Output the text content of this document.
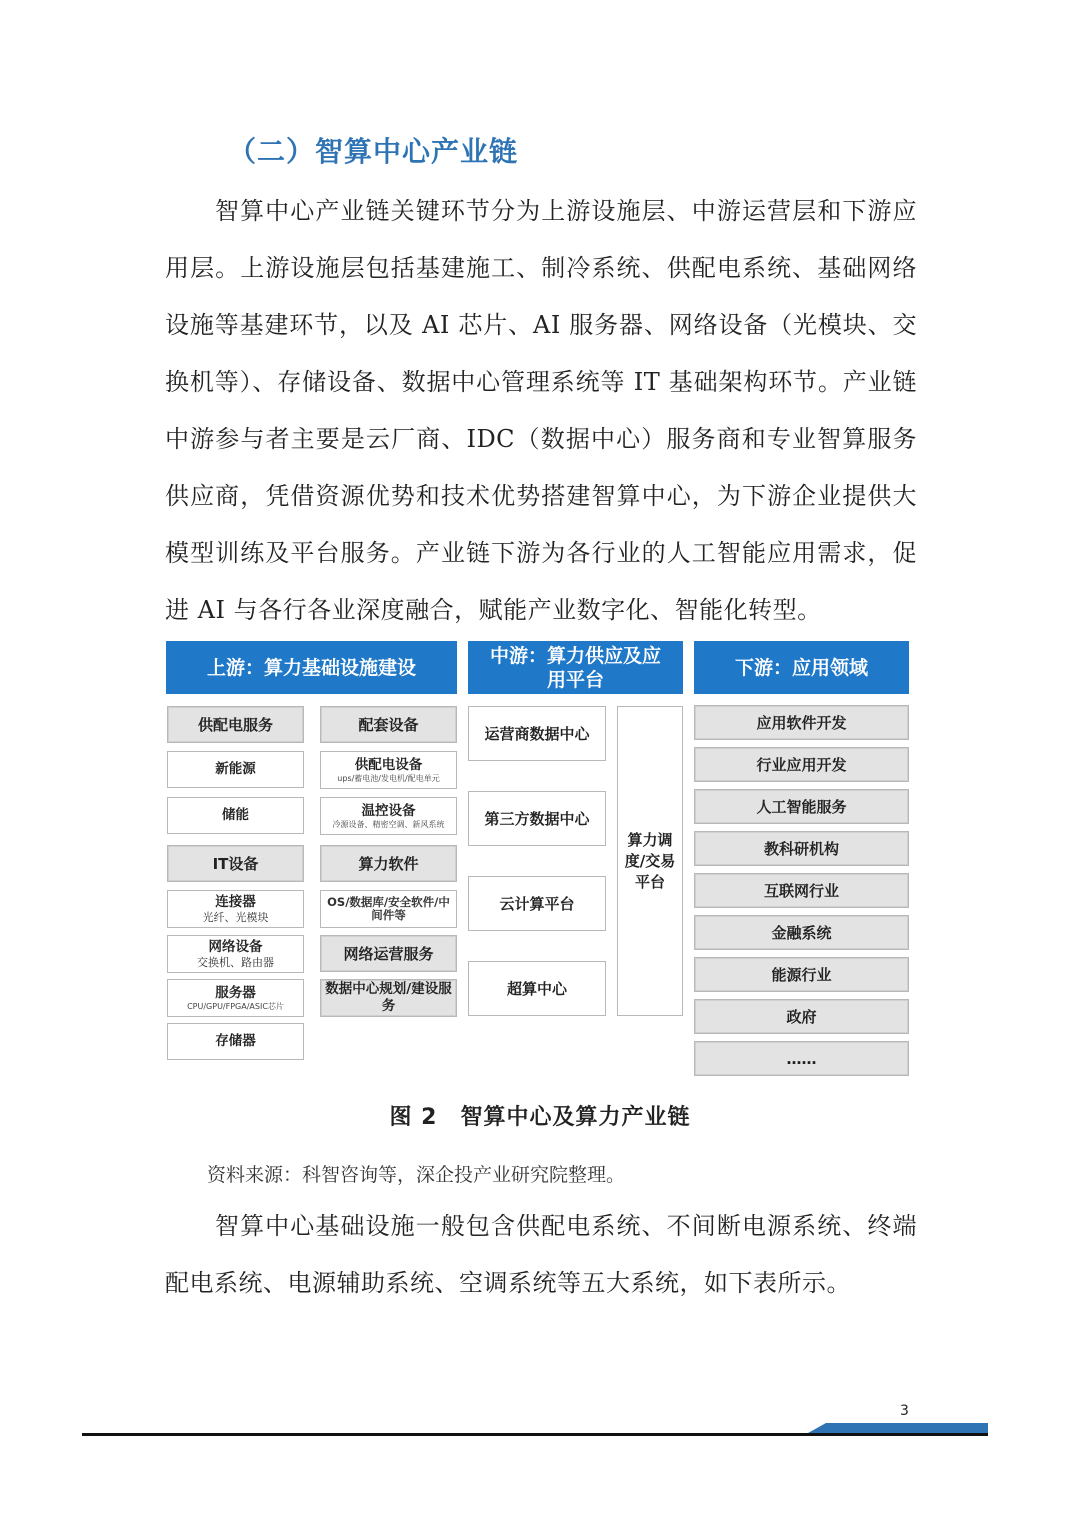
（二）智算中心产业链
智算中心产业链关键环节分为上游设施层、中游运营层和下游应用层。上游设施层包括基建施工、制冷系统、供配电系统、基础网络设施等基建环节，以及 AI 芯片、AI 服务器、网络设备（光模块、交换机等）、存储设备、数据中心管理系统等 IT 基础架构环节。产业链中游参与者主要是云厂商、IDC（数据中心）服务商和专业智算服务供应商，凭借资源优势和技术优势搭建智算中心，为下游企业提供大模型训练及平台服务。产业链下游为各行业的人工智能应用需求，促进 AI 与各行各业深度融合，赋能产业数字化、智能化转型。
上游：算力基础设施建设
中游：算力供应及应用平台
下游：应用领域
供配电服务
新能源
储能
IT设备
连接器
光纤、光模块
网络设备
交换机、路由器
服务器
CPU/GPU/FPGA/ASIC芯片
存储器
配套设备
供配电设备
ups/蓄电池/发电机/配电单元
温控设备
冷源设备、精密空调、新风系统
算力软件
OS/数据库/安全软件/中间件等
网络运营服务
数据中心规划/建设服务
运营商数据中心
第三方数据中心
云计算平台
超算中心
算力调度/交易平台
应用软件开发
行业应用开发
人工智能服务
教科研机构
互联网行业
金融系统
能源行业
政府
……
图 2　智算中心及算力产业链
资料来源：科智咨询等，深企投产业研究院整理。
智算中心基础设施一般包含供配电系统、不间断电源系统、终端配电系统、电源辅助系统、空调系统等五大系统，如下表所示。
3
